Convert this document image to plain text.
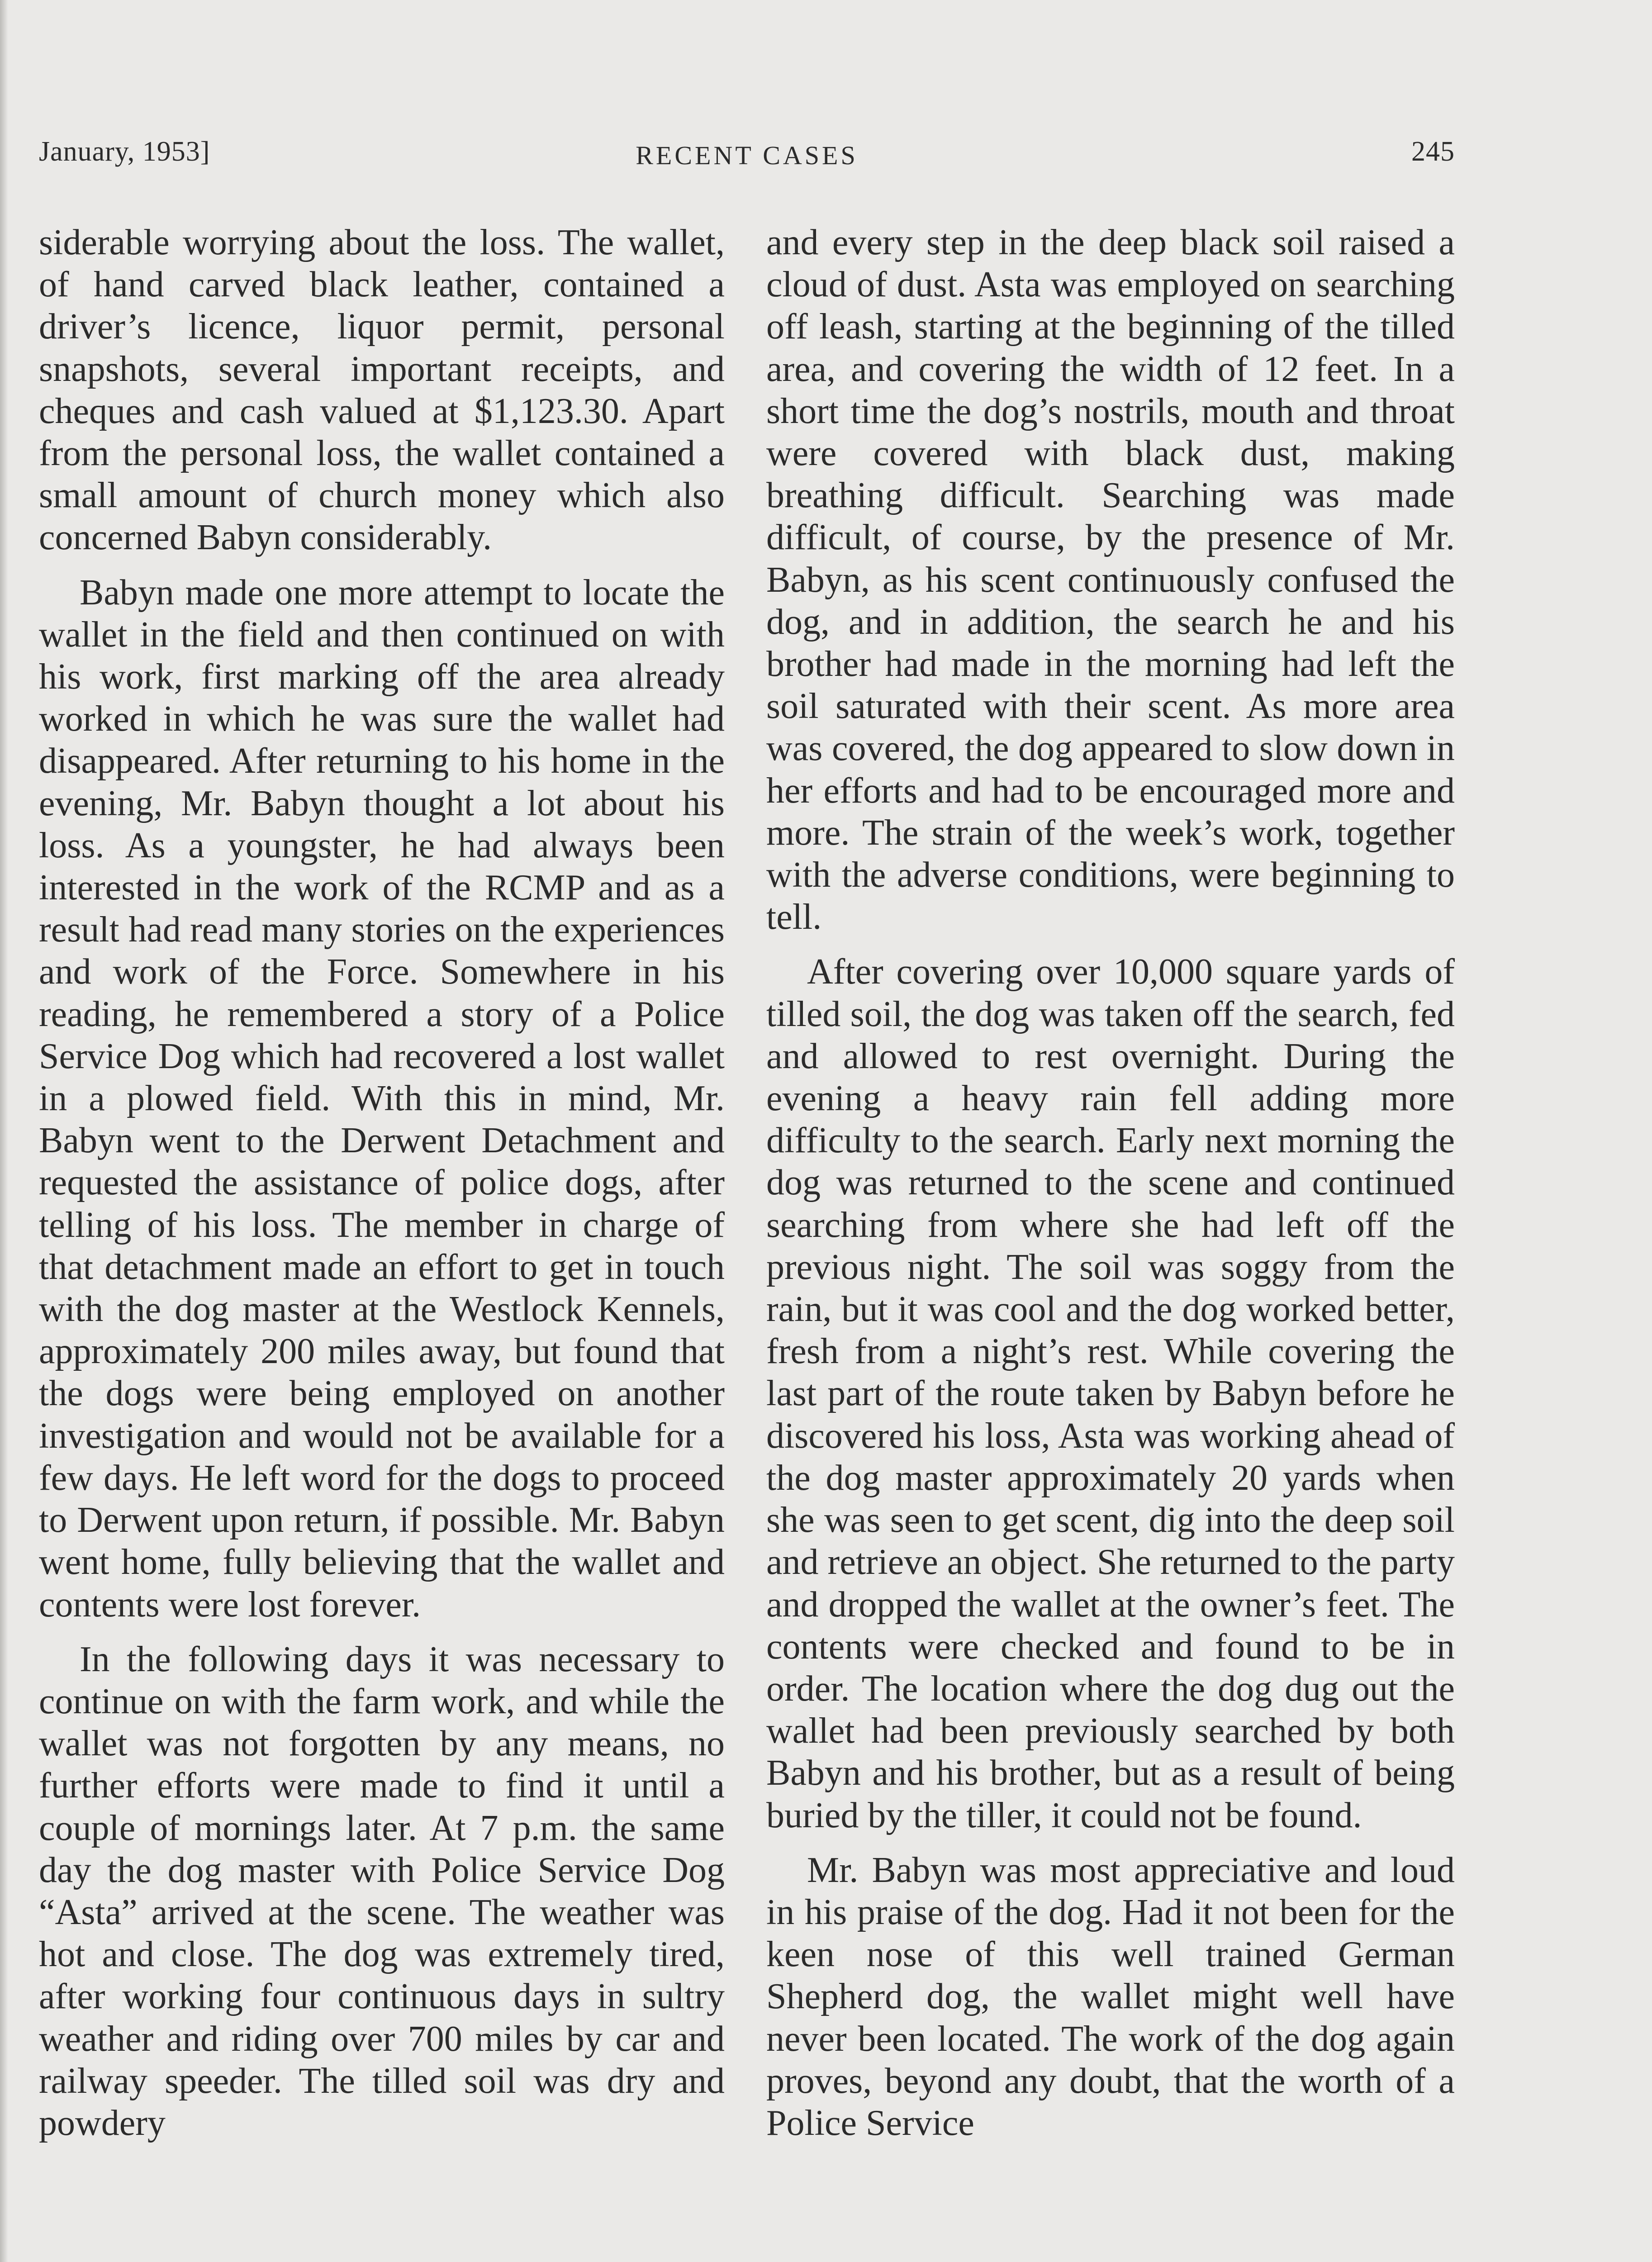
January, 1953]	RECENT CASES	245

siderable worrying about the loss. The wallet, of hand carved black leather, contained a driver’s licence, liquor permit, personal snapshots, several important receipts, and cheques and cash valued at $1,123.30. Apart from the personal loss, the wallet contained a small amount of church money which also concerned Babyn considerably.

Babyn made one more attempt to locate the wallet in the field and then continued on with his work, first marking off the area already worked in which he was sure the wallet had disappeared. After returning to his home in the evening, Mr. Babyn thought a lot about his loss. As a youngster, he had always been interested in the work of the RCMP and as a result had read many stories on the experiences and work of the Force. Somewhere in his reading, he remembered a story of a Police Service Dog which had recovered a lost wallet in a plowed field. With this in mind, Mr. Babyn went to the Derwent Detachment and requested the assistance of police dogs, after telling of his loss. The member in charge of that detachment made an effort to get in touch with the dog master at the Westlock Kennels, approximately 200 miles away, but found that the dogs were being employed on another investigation and would not be available for a few days. He left word for the dogs to proceed to Derwent upon return, if possible. Mr. Babyn went home, fully believing that the wallet and contents were lost forever.

In the following days it was necessary to continue on with the farm work, and while the wallet was not forgotten by any means, no further efforts were made to find it until a couple of mornings later. At 7 p.m. the same day the dog master with Police Service Dog “Asta” arrived at the scene. The weather was hot and close. The dog was extremely tired, after working four continuous days in sultry weather and riding over 700 miles by car and railway speeder. The tilled soil was dry and powdery

and every step in the deep black soil raised a cloud of dust. Asta was employed on searching off leash, starting at the beginning of the tilled area, and covering the width of 12 feet. In a short time the dog’s nostrils, mouth and throat were covered with black dust, making breathing difficult. Searching was made difficult, of course, by the presence of Mr. Babyn, as his scent continuously confused the dog, and in addition, the search he and his brother had made in the morning had left the soil saturated with their scent. As more area was covered, the dog appeared to slow down in her efforts and had to be encouraged more and more. The strain of the week’s work, together with the adverse conditions, were beginning to tell.

After covering over 10,000 square yards of tilled soil, the dog was taken off the search, fed and allowed to rest overnight. During the evening a heavy rain fell adding more difficulty to the search. Early next morning the dog was returned to the scene and continued searching from where she had left off the previous night. The soil was soggy from the rain, but it was cool and the dog worked better, fresh from a night’s rest. While covering the last part of the route taken by Babyn before he discovered his loss, Asta was working ahead of the dog master approximately 20 yards when she was seen to get scent, dig into the deep soil and retrieve an object. She returned to the party and dropped the wallet at the owner’s feet. The contents were checked and found to be in order. The location where the dog dug out the wallet had been previously searched by both Babyn and his brother, but as a result of being buried by the tiller, it could not be found.

Mr. Babyn was most appreciative and loud in his praise of the dog. Had it not been for the keen nose of this well trained German Shepherd dog, the wallet might well have never been located. The work of the dog again proves, beyond any doubt, that the worth of a Police Service
